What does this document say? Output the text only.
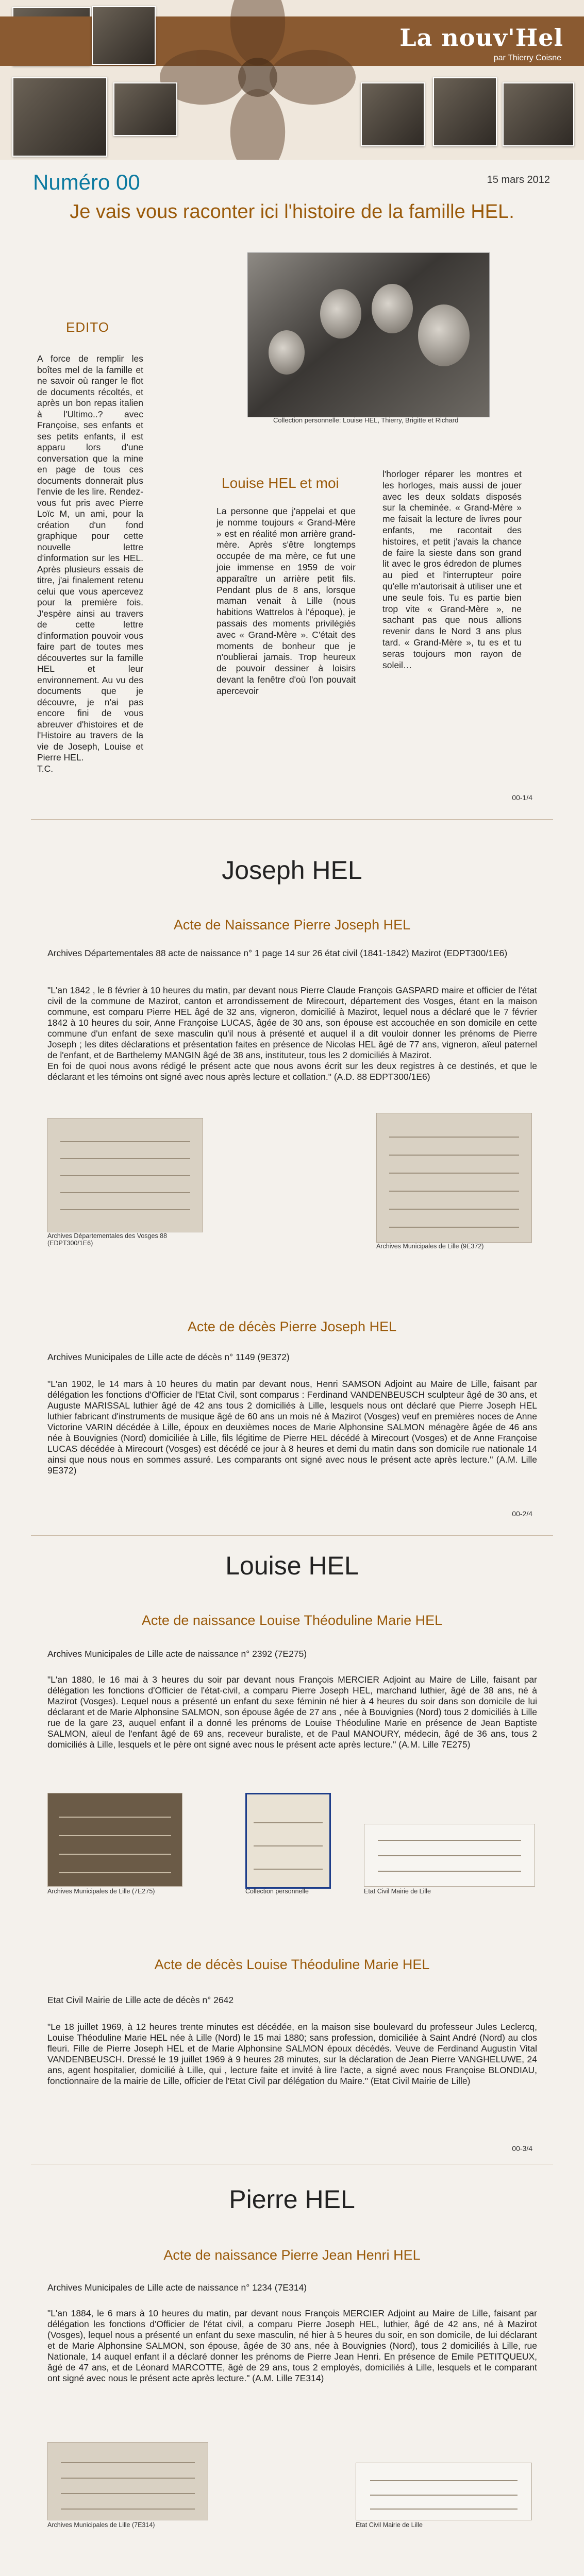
La nouv'Hel
par Thierry Coisne
Numéro 00	15 mars 2012
Je vais vous raconter ici l'histoire de la famille HEL.
Collection personnelle: Louise HEL, Thierry, Brigitte et Richard
EDITO
A force de remplir les boîtes mel de la famille et ne savoir où ranger le flot de documents récoltés, et après un bon repas italien à l'Ultimo..? avec Françoise, ses enfants et ses petits enfants, il est apparu lors d'une conversation que la mine en page de tous ces documents donnerait plus l'envie de les lire. Rendez-vous fut pris avec Pierre Loïc M, un ami, pour la création d'un fond graphique pour cette nouvelle lettre d'information sur les HEL. Après plusieurs essais de titre, j'ai finalement retenu celui que vous apercevez pour la première fois. J'espère ainsi au travers de cette lettre d'information pouvoir vous faire part de toutes mes découvertes sur la famille HEL et leur environnement. Au vu des documents que je découvre, je n'ai pas encore fini de vous abreuver d'histoires et de l'Histoire au travers de la vie de Joseph, Louise et Pierre HEL.
T.C.
Louise HEL et moi
La personne que j'appelai et que je nomme toujours « Grand-Mère » est en réalité mon arrière grand-mère. Après s'être longtemps occupée de ma mère, ce fut une joie immense en 1959 de voir apparaître un arrière petit fils. Pendant plus de 8 ans, lorsque maman venait à Lille (nous habitions Wattrelos à l'époque), je passais des moments privilégiés avec « Grand-Mère ». C'était des moments de bonheur que je n'oublierai jamais. Trop heureux de pouvoir dessiner à loisirs devant la fenêtre d'où l'on pouvait apercevoir
l'horloger réparer les montres et les horloges, mais aussi de jouer avec les deux soldats disposés sur la cheminée. « Grand-Mère » me faisait la lecture de livres pour enfants, me racontait des histoires, et petit j'avais la chance de faire la sieste dans son grand lit avec le gros édredon de plumes au pied et l'interrupteur poire qu'elle m'autorisait à utiliser une et une seule fois. Tu es partie bien trop vite « Grand-Mère », ne sachant pas que nous allions revenir dans le Nord 3 ans plus tard. « Grand-Mère », tu es et tu seras toujours mon rayon de soleil…
00-1/4
Joseph HEL
Acte de Naissance Pierre Joseph HEL
Archives Départementales 88 acte de naissance n° 1 page 14 sur 26 état civil (1841-1842) Mazirot (EDPT300/1E6)

"L'an 1842 , le 8 février à 10 heures du matin, par devant nous Pierre Claude François GASPARD maire et officier de l'état civil de la commune de Mazirot, canton et arrondissement de Mirecourt, département des Vosges, étant en la maison commune, est comparu Pierre HEL âgé de 32 ans, vigneron, domicilié à Mazirot, lequel nous a déclaré que le 7 février 1842 à 10 heures du soir, Anne Françoise LUCAS, âgée de 30 ans, son épouse est accouchée en son domicile en cette commune d'un enfant de sexe masculin qu'il nous à présenté et auquel il a dit vouloir donner les prénoms de Pierre Joseph ; les dites déclarations et présentation faites en présence de Nicolas HEL âgé de 77 ans, vigneron, aïeul paternel de l'enfant, et de Barthelemy MANGIN âgé de 38 ans, instituteur, tous les 2 domiciliés à Mazirot.

En foi de quoi nous avons rédigé le présent acte que nous avons écrit sur les deux registres à ce destinés, et que le déclarant et les témoins ont signé avec nous après lecture et collation." (A.D. 88 EDPT300/1E6)

Archives Départementales des Vosges 88 (EDPT300/1E6)	Archives Municipales de Lille (9E372)
Acte de décès Pierre Joseph HEL
Archives Municipales de Lille acte de décès n° 1149 (9E372)
"L'an 1902, le 14 mars à 10 heures du matin par devant nous, Henri SAMSON Adjoint au Maire de Lille, faisant par délégation les fonctions d'Officier de l'Etat Civil, sont comparus : Ferdinand VANDENBEUSCH sculpteur âgé de 30 ans, et Auguste MARISSAL luthier âgé de 42 ans tous 2 domiciliés à Lille, lesquels nous ont déclaré que Pierre Joseph HEL luthier fabricant d'instruments de musique âgé de 60 ans un mois né à Mazirot (Vosges) veuf en premières noces de Anne Victorine VARIN décédée à Lille, époux en deuxièmes noces de Marie Alphonsine SALMON ménagère âgée de 46 ans née à Bouvignies (Nord) domiciliée à Lille, fils légitime de Pierre HEL décédé à Mirecourt (Vosges) et de Anne Françoise LUCAS décédée à Mirecourt (Vosges) est décédé ce jour à 8 heures et demi du matin dans son domicile rue nationale 14 ainsi que nous nous en sommes assuré. Les comparants ont signé avec nous le présent acte après lecture." (A.M. Lille 9E372)
00-2/4
Louise HEL
Acte de naissance Louise Théoduline Marie HEL
Archives Municipales de Lille acte de naissance n° 2392 (7E275)
"L'an 1880, le 16 mai à 3 heures du soir par devant nous François MERCIER Adjoint au Maire de Lille, faisant par délégation les fonctions d'Officier de l'état-civil, a comparu Pierre Joseph HEL, marchand luthier, âgé de 38 ans, né à Mazirot (Vosges). Lequel nous a présenté un enfant du sexe féminin né hier à 4 heures du soir dans son domicile de lui déclarant et de Marie Alphonsine SALMON, son épouse âgée de 27 ans , née à Bouvignies (Nord) tous 2 domiciliés à Lille rue de la gare 23, auquel enfant il a donné les prénoms de Louise Théoduline Marie en présence de Jean Baptiste SALMON, aïeul de l'enfant âgé de 69 ans, receveur buraliste, et de Paul MANOURY, médecin, âgé de 36 ans, tous 2 domiciliés à Lille, lesquels et le père ont signé avec nous le présent acte après lecture." (A.M. Lille 7E275)
Archives Municipales de Lille (7E275)	Collection personnelle	Etat Civil Mairie de Lille
Acte de décès Louise Théoduline Marie HEL
Etat Civil Mairie de Lille acte de décès n° 2642
"Le 18 juillet 1969, à 12 heures trente minutes est décédée, en la maison sise boulevard du professeur Jules Leclercq, Louise Théoduline Marie HEL née à Lille (Nord) le 15 mai 1880; sans profession, domiciliée à Saint André (Nord) au clos fleuri. Fille de Pierre Joseph HEL et de Marie Alphonsine SALMON époux décédés. Veuve de Ferdinand Augustin Vital VANDENBEUSCH. Dressé le 19 juillet 1969 à 9 heures 28 minutes, sur la déclaration de Jean Pierre VANGHELUWE, 24 ans, agent hospitalier, domicilié à Lille, qui , lecture faite et invité à lire l'acte, a signé avec nous Françoise BLONDIAU, fonctionnaire de la mairie de Lille, officier de l'Etat Civil par délégation du Maire." (Etat Civil Mairie de Lille)
00-3/4
Pierre HEL
Acte de naissance Pierre Jean Henri HEL
Archives Municipales de Lille acte de naissance n° 1234 (7E314)
"L'an 1884, le 6 mars à 10 heures du matin, par devant nous François MERCIER Adjoint au Maire de Lille, faisant par délégation les fonctions d'Officier de l'état civil, a comparu Pierre Joseph HEL, luthier, âgé de 42 ans, né à Mazirot (Vosges), lequel nous a présenté un enfant du sexe masculin, né hier à 5 heures du soir, en son domicile, de lui déclarant et de Marie Alphonsine SALMON, son épouse, âgée de 30 ans, née à Bouvignies (Nord), tous 2 domiciliés à Lille, rue Nationale, 14 auquel enfant il a déclaré donner les prénoms de Pierre Jean Henri. En présence de Emile PETITQUEUX, âgé de 47 ans, et de Léonard MARCOTTE, âgé de 29 ans, tous 2 employés, domiciliés à Lille, lesquels et le comparant ont signé avec nous le présent acte après lecture." (A.M. Lille 7E314)
Archives Municipales de Lille (7E314)	Etat Civil Mairie de Lille
